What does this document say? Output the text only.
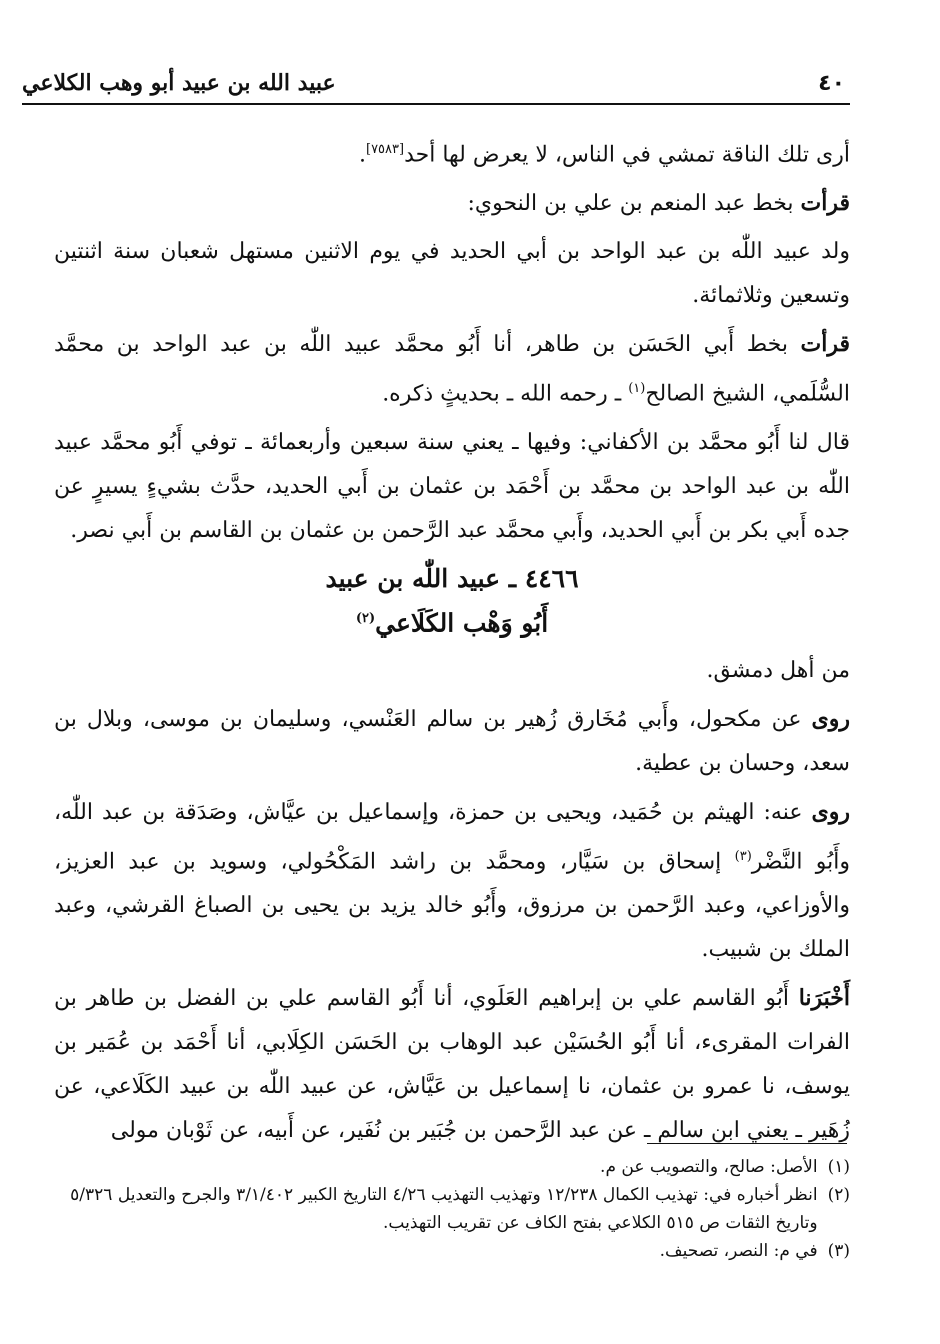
٤٠
عبيد الله بن عبيد أبو وهب الكلاعي

أرى تلك الناقة تمشي في الناس، لا يعرض لها أحد[٧٥٨٣].

قرأت بخط عبد المنعم بن علي بن النحوي:

ولد عبيد اللّٰه بن عبد الواحد بن أبي الحديد في يوم الاثنين مستهل شعبان سنة اثنتين وتسعين وثلاثمائة.

قرأت بخط أَبي الحَسَن بن طاهر، أنا أَبُو محمَّد عبيد اللّٰه بن عبد الواحد بن محمَّد السُّلَمي، الشيخ الصالح$^{(١)}$ ـ رحمه الله ـ بحديثٍ ذكره.

قال لنا أَبُو محمَّد بن الأكفاني: وفيها ـ يعني سنة سبعين وأربعمائة ـ توفي أَبُو محمَّد عبيد اللّٰه بن عبد الواحد بن محمَّد بن أَحْمَد بن عثمان بن أَبي الحديد، حدَّث بشيءٍ يسيرٍ عن جده أَبي بكر بن أَبي الحديد، وأَبي محمَّد عبد الرَّحمن بن عثمان بن القاسم بن أَبي نصر.

٤٤٦٦ ـ عبيد اللّٰه بن عبيد
أَبُو وَهْب الكَلَاعي$^{(٢)}$

من أهل دمشق.

روى عن مكحول، وأَبي مُخَارق زُهير بن سالم العَنْسي، وسليمان بن موسى، وبلال بن سعد، وحسان بن عطية.

روى عنه: الهيثم بن حُمَيد، ويحيى بن حمزة، وإسماعيل بن عيَّاش، وصَدَقة بن عبد اللّٰه، وأَبُو النَّضْر$^{(٣)}$ إسحاق بن سَيَّار، ومحمَّد بن راشد المَكْحُولي، وسويد بن عبد العزيز، والأوزاعي، وعبد الرَّحمن بن مرزوق، وأَبُو خالد يزيد بن يحيى بن الصباغ القرشي، وعبد الملك بن شبيب.

أَخْبَرَنا أَبُو القاسم علي بن إبراهيم العَلَوي، أنا أَبُو القاسم علي بن الفضل بن طاهر بن الفرات المقرىء، أنا أَبُو الحُسَيْن عبد الوهاب بن الحَسَن الكِلَابي، أنا أَحْمَد بن عُمَير بن يوسف، نا عمرو بن عثمان، نا إسماعيل بن عَيَّاش، عن عبيد اللّٰه بن عبيد الكَلَاعي، عن زُهَير ـ يعني ابن سالم ـ عن عبد الرَّحمن بن جُبَير بن نُفَير، عن أَبيه، عن ثَوْبان مولى

(١)
الأصل: صالح، والتصويب عن م.
(٢)
انظر أخباره في: تهذيب الكمال ١٢/٢٣٨ وتهذيب التهذيب ٤/٢٦ التاريخ الكبير ٣/١/٤٠٢ والجرح والتعديل ٥/٣٢٦ وتاريخ الثقات ص ٥١٥ الكلاعي بفتح الكاف عن تقريب التهذيب.
(٣)
في م: النصر، تصحيف.
